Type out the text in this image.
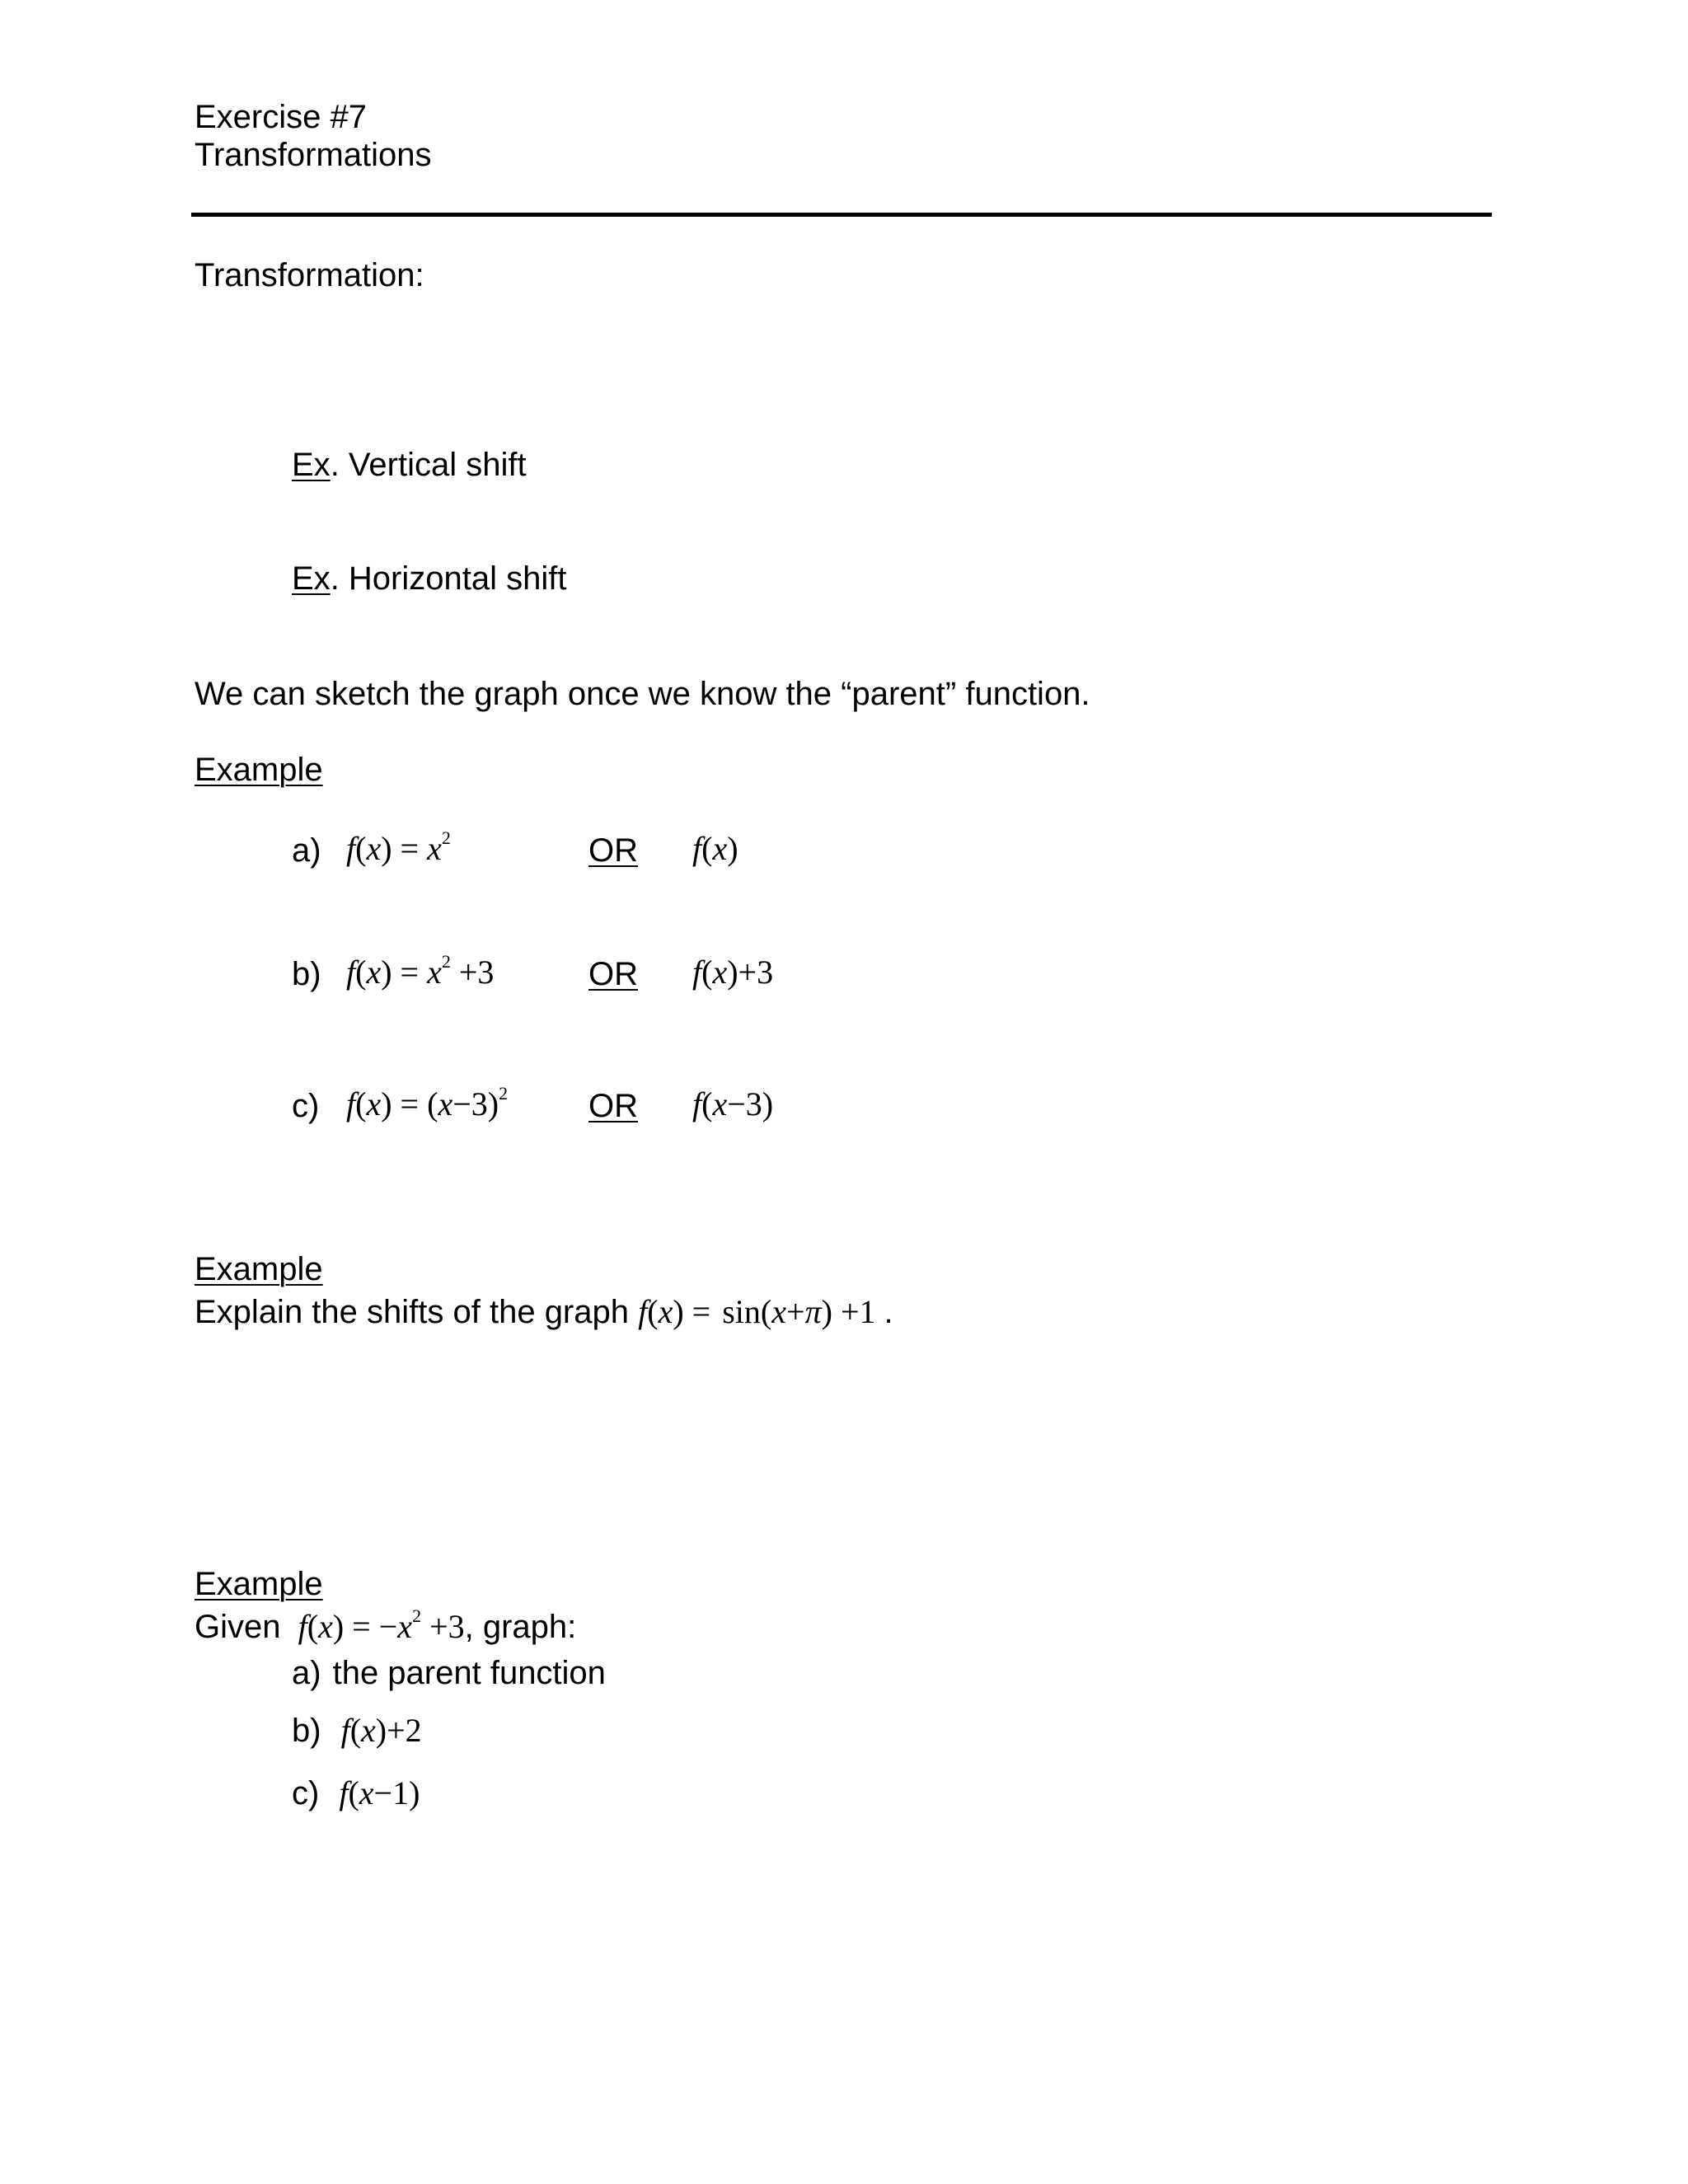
Exercise #7
Transformations
Transformation:
Ex. Vertical shift
Ex. Horizontal shift
We can sketch the graph once we know the “parent” function.
Example
a) $f(x) = x^2$	OR f(x)
b) $f(x) = x^2 +3$	OR f(x)+3
c) $f(x) = (x-3)^2$ OR f(x−3)
Example
Explain the shifts of the graph f(x) = sin(x+π) +1 .
Example
Given $f(x) = -x^2 +3$, graph:
a) the parent function
b) f(x)+2
c) f(x−1)
